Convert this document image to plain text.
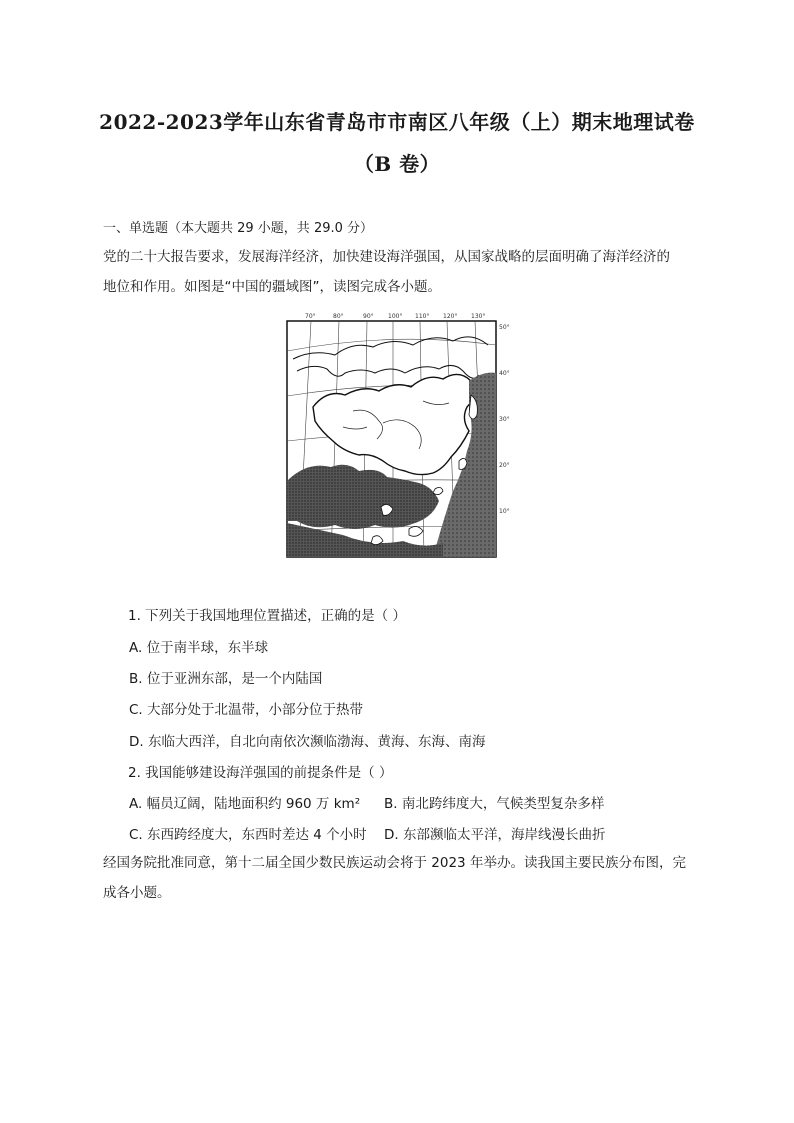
2022-2023学年山东省青岛市市南区八年级（上）期末地理试卷
（B 卷）
一、单选题（本大题共 29 小题，共 29.0 分）
党的二十大报告要求，发展海洋经济，加快建设海洋强国，从国家战略的层面明确了海洋经济的
地位和作用。如图是“中国的疆域图”，读图完成各小题。
70°	80°	90° 100° 110° 120° 130°
50°
40°
30°
20°
10°
1. 下列关于我国地理位置描述，正确的是（ ）
A. 位于南半球，东半球
B. 位于亚洲东部，是一个内陆国
C. 大部分处于北温带，小部分位于热带
D. 东临大西洋，自北向南依次濒临渤海、黄海、东海、南海
2. 我国能够建设海洋强国的前提条件是（ ）
A. 幅员辽阔，陆地面积约 960 万 km² B. 南北跨纬度大，气候类型复杂多样
C. 东西跨经度大，东西时差达 4 个小时 D. 东部濒临太平洋，海岸线漫长曲折
经国务院批准同意，第十二届全国少数民族运动会将于 2023 年举办。读我国主要民族分布图，完
成各小题。
